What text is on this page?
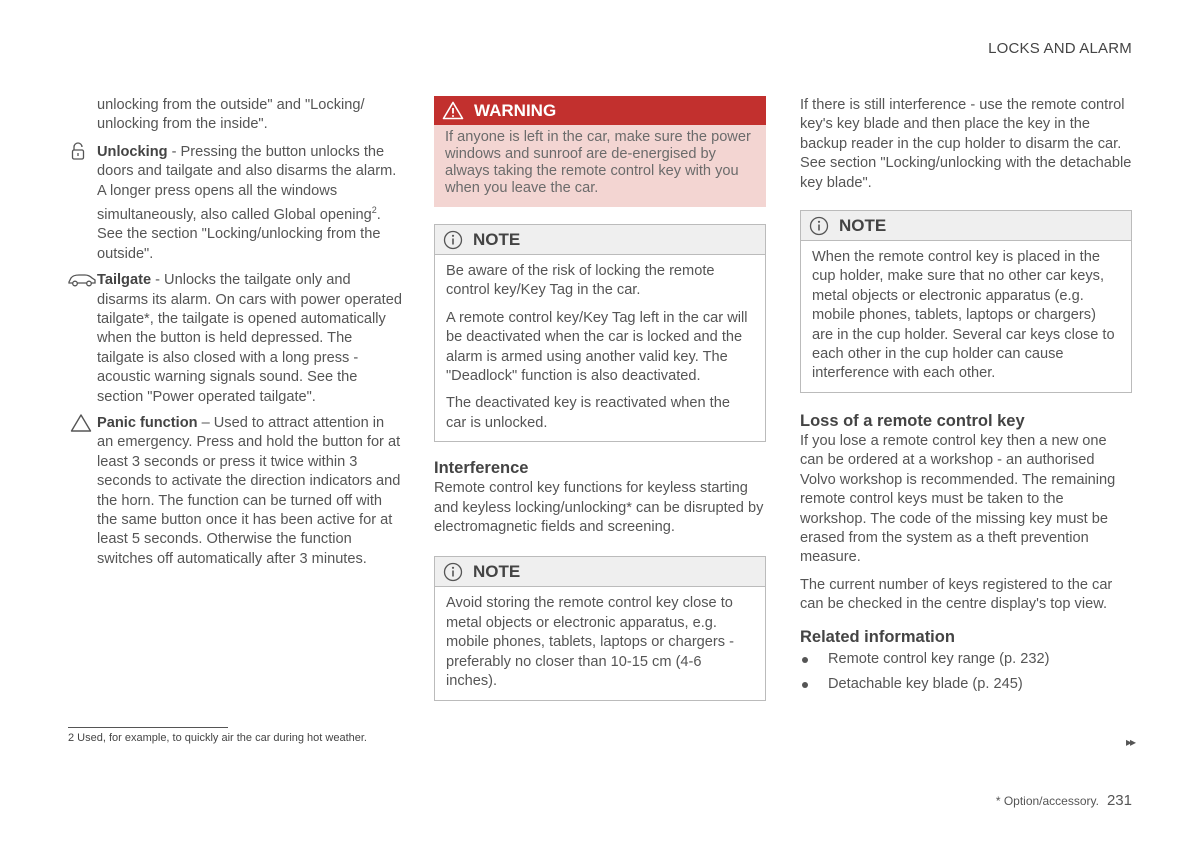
LOCKS AND ALARM

unlocking from the outside" and "Locking/ unlocking from the inside".

Unlocking - Pressing the button unlocks the doors and tailgate and also disarms the alarm. A longer press opens all the windows simultaneously, also called Global opening$^2$. See the section "Locking/unlocking from the outside".
Tailgate - Unlocks the tailgate only and disarms its alarm. On cars with power operated tailgate*, the tailgate is opened automatically when the button is held depressed. The tailgate is also closed with a long press - acoustic warning signals sound. See the section "Power operated tailgate".
Panic function – Used to attract attention in an emergency. Press and hold the button for at least 3 seconds or press it twice within 3 seconds to activate the direction indicators and the horn. The function can be turned off with the same button once it has been active for at least 5 seconds. Otherwise the function switches off automatically after 3 minutes.
WARNING
If anyone is left in the car, make sure the power windows and sunroof are de-energised by always taking the remote control key with you when you leave the car.
NOTE

Be aware of the risk of locking the remote control key/Key Tag in the car.

A remote control key/Key Tag left in the car will be deactivated when the car is locked and the alarm is armed using another valid key. The "Deadlock" function is also deactivated.

The deactivated key is reactivated when the car is unlocked.

Interference

Remote control key functions for keyless starting and keyless locking/unlocking* can be disrupted by electromagnetic fields and screening.

NOTE
Avoid storing the remote control key close to metal objects or electronic apparatus, e.g. mobile phones, tablets, laptops or chargers - preferably no closer than 10-15 cm (4-6 inches).

If there is still interference - use the remote control key's key blade and then place the key in the backup reader in the cup holder to disarm the car. See section "Locking/unlocking with the detachable key blade".

NOTE
When the remote control key is placed in the cup holder, make sure that no other car keys, metal objects or electronic apparatus (e.g. mobile phones, tablets, laptops or chargers) are in the cup holder. Several car keys close to each other in the cup holder can cause interference with each other.
Loss of a remote control key

If you lose a remote control key then a new one can be ordered at a workshop - an authorised Volvo workshop is recommended. The remaining remote control keys must be taken to the workshop. The code of the missing key must be erased from the system as a theft prevention measure.

The current number of keys registered to the car can be checked in the centre display's top view.

Related information
Remote control key range (p. 232)
Detachable key blade (p. 245)
2 Used, for example, to quickly air the car during hot weather.	▸▸
* Option/accessory. 231
